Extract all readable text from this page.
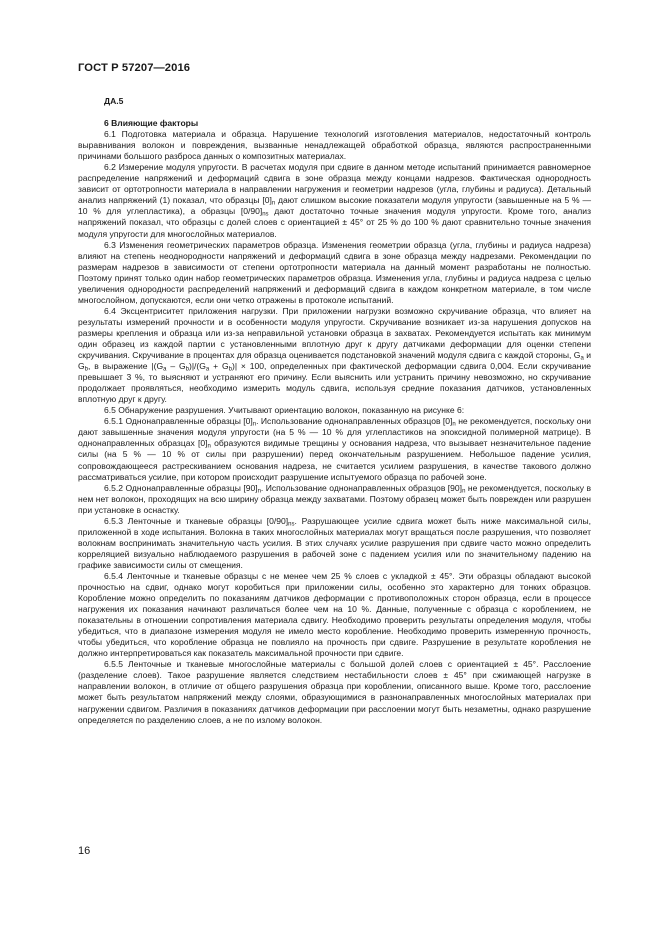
ГОСТ Р 57207—2016
ДА.5
6 Влияющие факторы

6.1 Подготовка материала и образца. Нарушение технологий изготовления материалов, недостаточный контроль выравнивания волокон и повреждения, вызванные ненадлежащей обработкой образца, являются распространенными причинами большого разброса данных о композитных материалах.

6.2 Измерение модуля упругости. В расчетах модуля при сдвиге в данном методе испытаний принимается равномерное распределение напряжений и деформаций сдвига в зоне образца между концами надрезов. Фактическая однородность зависит от ортотропности материала в направлении нагружения и геометрии надрезов (угла, глубины и радиуса). Детальный анализ напряжений (1) показал, что образцы $[0]_n$ дают слишком высокие показатели модуля упругости (завышенные на 5 % — 10 % для углепластика), а образцы $[0/90]_{ns}$ дают достаточно точные значения модуля упругости. Кроме того, анализ напряжений показал, что образцы с долей слоев с ориентацией ± 45° от 25 % до 100 % дают сравнительно точные значения модуля упругости для многослойных материалов.

6.3 Изменения геометрических параметров образца. Изменения геометрии образца (угла, глубины и радиуса надреза) влияют на степень неоднородности напряжений и деформаций сдвига в зоне образца между надрезами. Рекомендации по размерам надрезов в зависимости от степени ортотропности материала на данный момент разработаны не полностью. Поэтому принят только один набор геометрических параметров образца. Изменения угла, глубины и радиуса надреза с целью увеличения однородности распределений напряжений и деформаций сдвига в каждом конкретном материале, в том числе многослойном, допускаются, если они четко отражены в протоколе испытаний.

6.4 Эксцентриситет приложения нагрузки. При приложении нагрузки возможно скручивание образца, что влияет на результаты измерений прочности и в особенности модуля упругости. Скручивание возникает из-за нарушения допусков на размеры крепления и образца или из-за неправильной установки образца в захватах. Рекомендуется испытать как минимум один образец из каждой партии с установленными вплотную друг к другу датчиками деформации для оценки степени скручивания. Скручивание в процентах для образца оценивается подстановкой значений модуля сдвига с каждой стороны, $G_a$ и $G_b$, в выражение $|(G_a - G_b)|/(G_a + G_b)| \times 100$, определенных при фактической деформации сдвига 0,004. Если скручивание превышает 3 %, то выясняют и устраняют его причину. Если выяснить или устранить причину невозможно, но скручивание продолжает проявляться, необходимо измерить модуль сдвига, используя средние показания датчиков, установленных вплотную друг к другу.

6.5 Обнаружение разрушения. Учитывают ориентацию волокон, показанную на рисунке 6:

6.5.1 Однонаправленные образцы $[0]_n$. Использование однонаправленных образцов $[0]_n$ не рекомендуется, поскольку они дают завышенные значения модуля упругости (на 5 % — 10 % для углепластиков на эпоксидной полимерной матрице). В однонаправленных образцах $[0]_n$ образуются видимые трещины у основания надреза, что вызывает незначительное падение силы (на 5 % — 10 % от силы при разрушении) перед окончательным разрушением. Небольшое падение усилия, сопровождающееся растрескиванием основания надреза, не считается усилием разрушения, в качестве такового должно рассматриваться усилие, при котором происходит разрушение испытуемого образца по рабочей зоне.

6.5.2 Однонаправленные образцы $[90]_n$. Использование однонаправленных образцов $[90]_n$ не рекомендуется, поскольку в нем нет волокон, проходящих на всю ширину образца между захватами. Поэтому образец может быть поврежден или разрушен при установке в оснастку.

6.5.3 Ленточные и тканевые образцы $[0/90]_{ns}$. Разрушающее усилие сдвига может быть ниже максимальной силы, приложенной в ходе испытания. Волокна в таких многослойных материалах могут вращаться после разрушения, что позволяет волокнам воспринимать значительную часть усилия. В этих случаях усилие разрушения при сдвиге часто можно определить корреляцией визуально наблюдаемого разрушения в рабочей зоне с падением усилия или по значительному падению на графике зависимости силы от смещения.

6.5.4 Ленточные и тканевые образцы с не менее чем 25 % слоев с укладкой ± 45°. Эти образцы обладают высокой прочностью на сдвиг, однако могут коробиться при приложении силы, особенно это характерно для тонких образцов. Коробление можно определить по показаниям датчиков деформации с противоположных сторон образца, если в процессе нагружения их показания начинают различаться более чем на 10 %. Данные, полученные с образца с короблением, не показательны в отношении сопротивления материала сдвигу. Необходимо проверить результаты определения модуля, чтобы убедиться, что в диапазоне измерения модуля не имело место коробление. Необходимо проверить измеренную прочность, чтобы убедиться, что коробление образца не повлияло на прочность при сдвиге. Разрушение в результате коробления не должно интерпретироваться как показатель максимальной прочности при сдвиге.

6.5.5 Ленточные и тканевые многослойные материалы с большой долей слоев с ориентацией ± 45°. Расслоение (разделение слоев). Такое разрушение является следствием нестабильности слоев ± 45° при сжимающей нагрузке в направлении волокон, в отличие от общего разрушения образца при короблении, описанного выше. Кроме того, расслоение может быть результатом напряжений между слоями, образующимися в разнонаправленных многослойных материалах при нагружении сдвигом. Различия в показаниях датчиков деформации при расслоении могут быть незаметны, однако разрушение определяется по разделению слоев, а не по излому волокон.

16
